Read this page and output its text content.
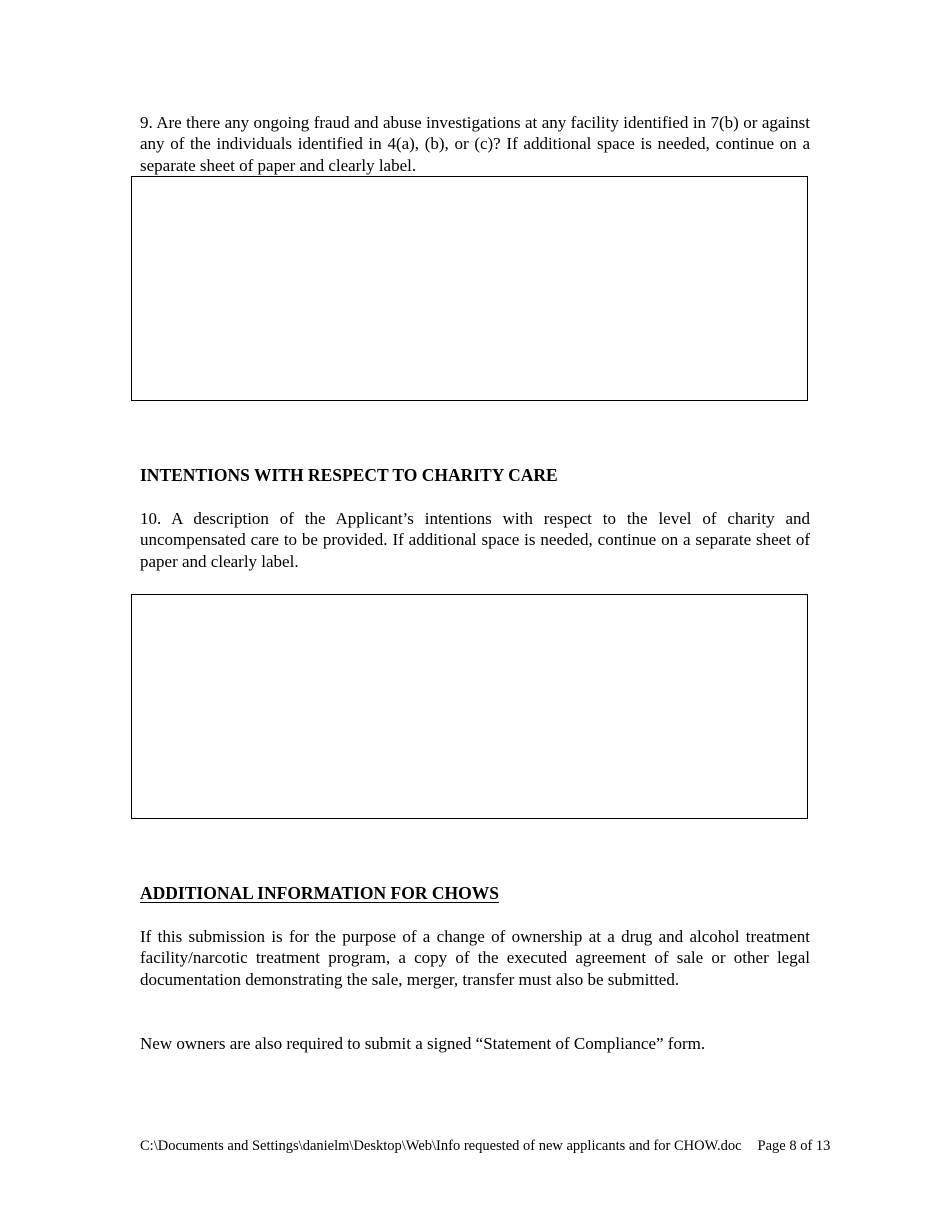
9. Are there any ongoing fraud and abuse investigations at any facility identified in 7(b) or against any of the individuals identified in 4(a), (b), or (c)? If additional space is needed, continue on a separate sheet of paper and clearly label.

INTENTIONS WITH RESPECT TO CHARITY CARE

10. A description of the Applicant’s intentions with respect to the level of charity and uncompensated care to be provided. If additional space is needed, continue on a separate sheet of paper and clearly label.

ADDITIONAL INFORMATION FOR CHOWS

If this submission is for the purpose of a change of ownership at a drug and alcohol treatment facility/narcotic treatment program, a copy of the executed agreement of sale or other legal documentation demonstrating the sale, merger, transfer must also be submitted.

New owners are also required to submit a signed “Statement of Compliance” form.

C:\Documents and Settings\danielm\Desktop\Web\Info requested of new applicants and for CHOW.doc Page 8 of 13
